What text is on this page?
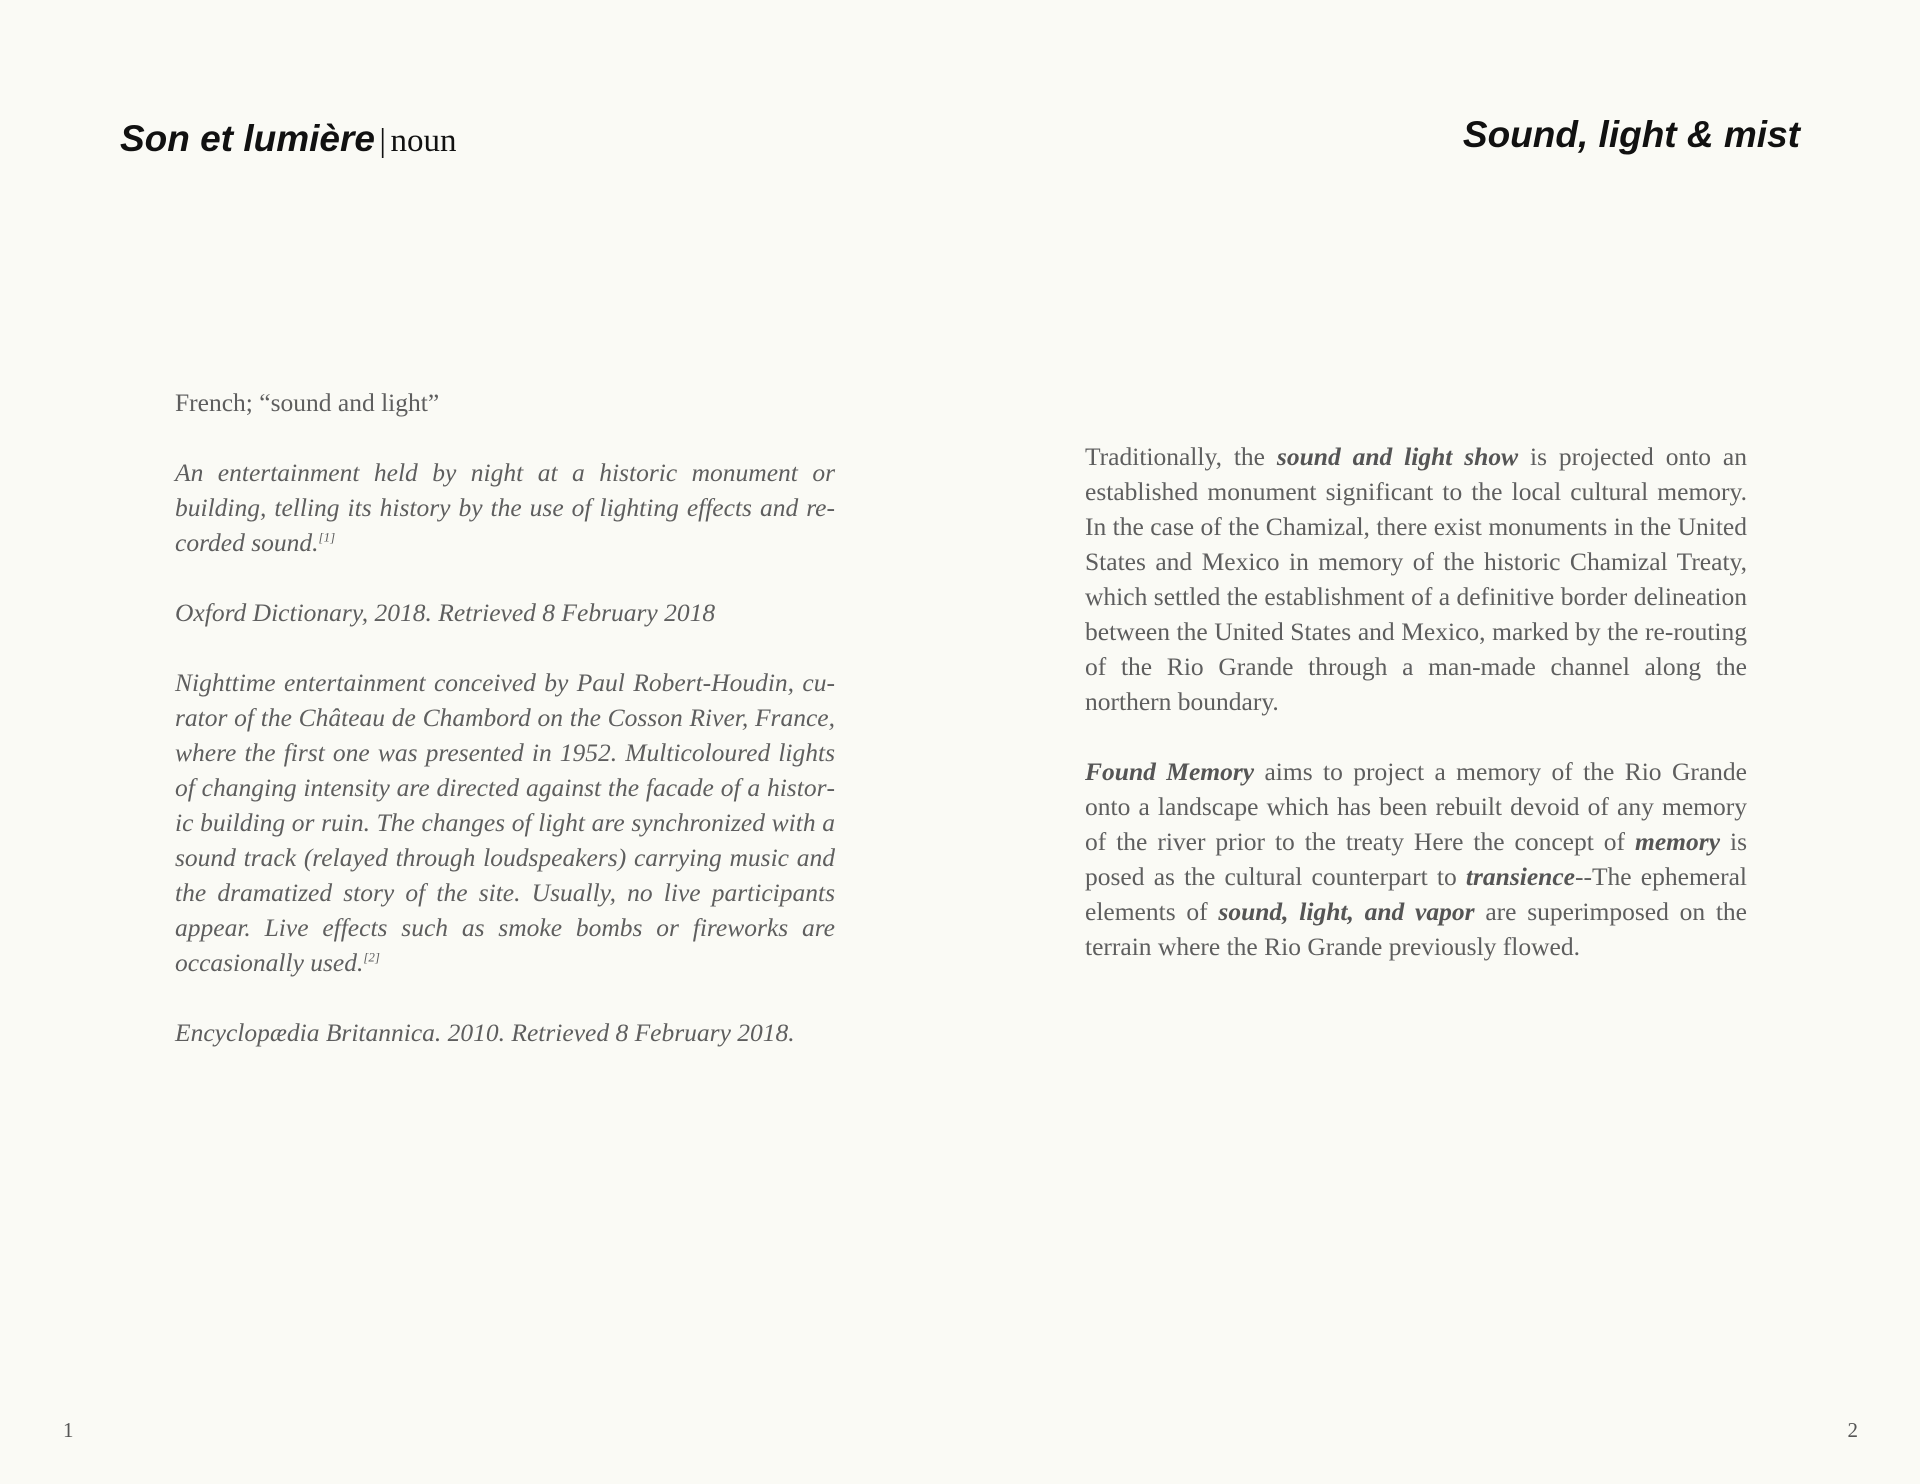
Son et lumière | noun

French; “sound and light”

An entertainment held by night at a historic monument or building, telling its history by the use of lighting effects and recorded sound.[1]

Oxford Dictionary, 2018. Retrieved 8 February 2018

Nighttime entertainment conceived by Paul Robert-Houdin, curator of the Château de Chambord on the Cosson River, France, where the first one was presented in 1952. Multicoloured lights of changing intensity are directed against the facade of a historic building or ruin. The changes of light are synchronized with a sound track (relayed through loudspeakers) carrying music and the dramatized story of the site. Usually, no live participants appear. Live effects such as smoke bombs or fireworks are occasionally used.[2]

Encyclopædia Britannica. 2010. Retrieved 8 February 2018.

1
Sound, light & mist

Traditionally, the sound and light show is projected onto an established monument significant to the local cultural memory. In the case of the Chamizal, there exist monuments in the United States and Mexico in memory of the historic Chamizal Treaty, which settled the establishment of a definitive border delineation between the United States and Mexico, marked by the re-routing of the Rio Grande through a man-made channel along the northern boundary.

Found Memory aims to project a memory of the Rio Grande onto a landscape which has been rebuilt devoid of any memory of the river prior to the treaty Here the concept of memory is posed as the cultural counterpart to transience--The ephemeral elements of sound, light, and vapor are superimposed on the terrain where the Rio Grande previously flowed.

2
